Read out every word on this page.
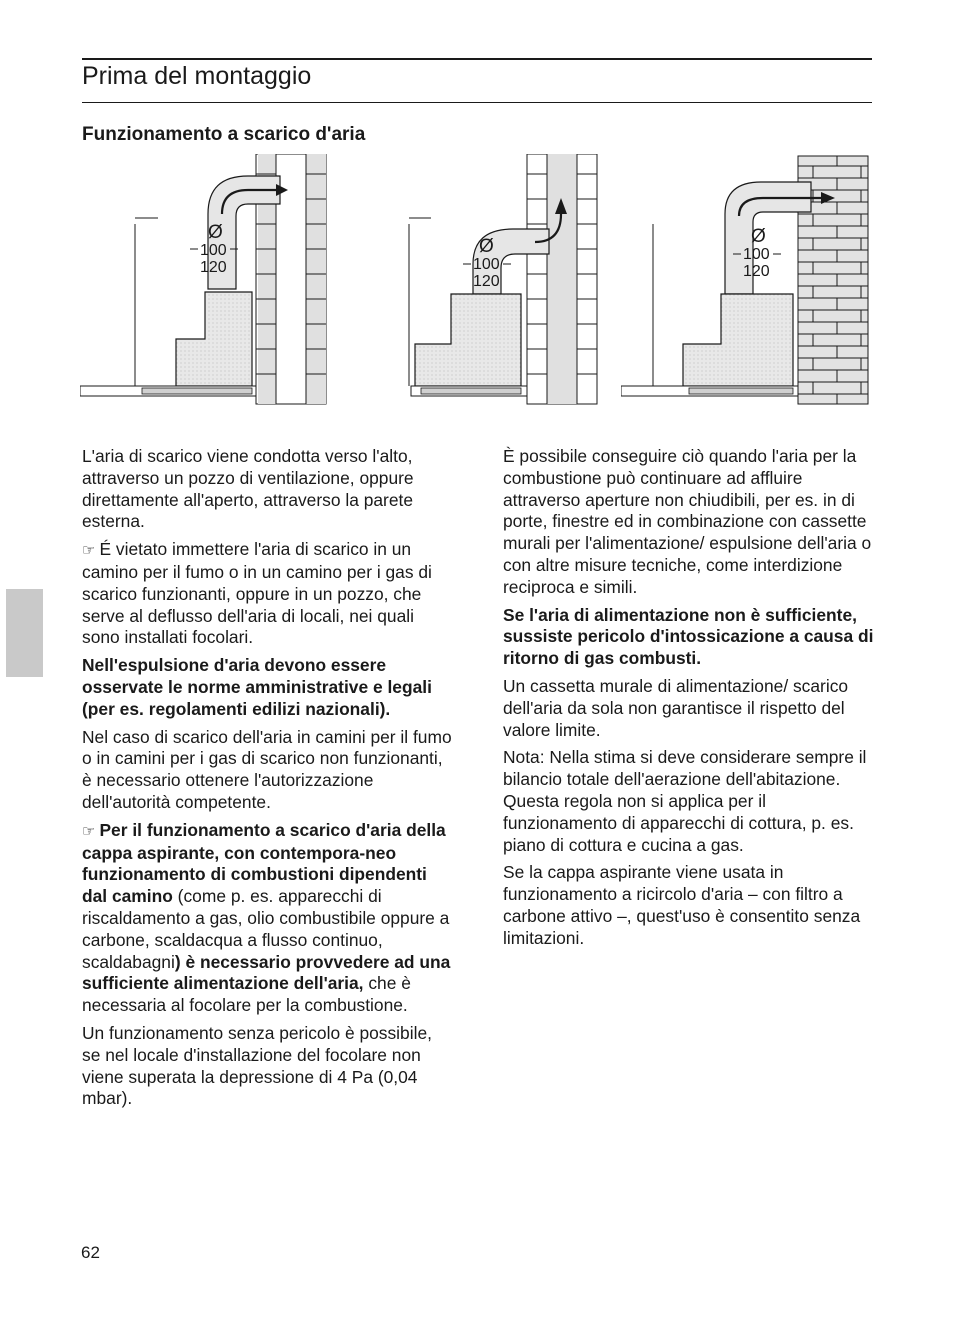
Prima del montaggio
Funzionamento a scarico d'aria
Ø
100
120
Ø
100
120
Ø
100
120

L'aria di scarico viene condotta verso l'alto, attraverso un pozzo di ventilazione, oppure direttamente all'aperto, attraverso la parete esterna.

☞ É vietato immettere l'aria di scarico in un camino per il fumo o in un camino per i gas di scarico funzionanti, oppure in un pozzo, che serve al deflusso dell'aria di locali, nei quali sono installati focolari.

Nell'espulsione d'aria devono essere osservate le norme amministrative e legali (per es. regolamenti edilizi nazionali).

Nel caso di scarico dell'aria in camini per il fumo o in camini per i gas di scarico non funzionanti, è necessario ottenere l'autorizzazione dell'autorità competente.

☞ Per il funzionamento a scarico d'aria della cappa aspirante, con contempora-neo funzionamento di combustioni dipendenti dal camino (come p. es. apparecchi di riscaldamento a gas, olio combustibile oppure a carbone, scaldacqua a flusso continuo, scaldabagni) è necessario provvedere ad una sufficiente alimentazione dell'aria, che è necessaria al focolare per la combustione.

Un funzionamento senza pericolo è possibile, se nel locale d'installazione del focolare non viene superata la depressione di 4 Pa (0,04 mbar).

È possibile conseguire ciò quando l'aria per la combustione può continuare ad affluire attraverso aperture non chiudibili, per es. in di porte, finestre ed in combinazione con cassette murali per l'alimentazione/ espulsione dell'aria o con altre misure tecniche, come interdizione reciproca e simili.

Se l'aria di alimentazione non è sufficiente, sussiste pericolo d'intossicazione a causa di ritorno di gas combusti.

Un cassetta murale di alimentazione/ scarico dell'aria da sola non garantisce il rispetto del valore limite.

Nota: Nella stima si deve considerare sempre il bilancio totale dell'aerazione dell'abitazione. Questa regola non si applica per il funzionamento di apparecchi di cottura, p. es. piano di cottura e cucina a gas.

Se la cappa aspirante viene usata in funzionamento a ricircolo d'aria – con filtro a carbone attivo –, quest'uso è consentito senza limitazioni.

62
